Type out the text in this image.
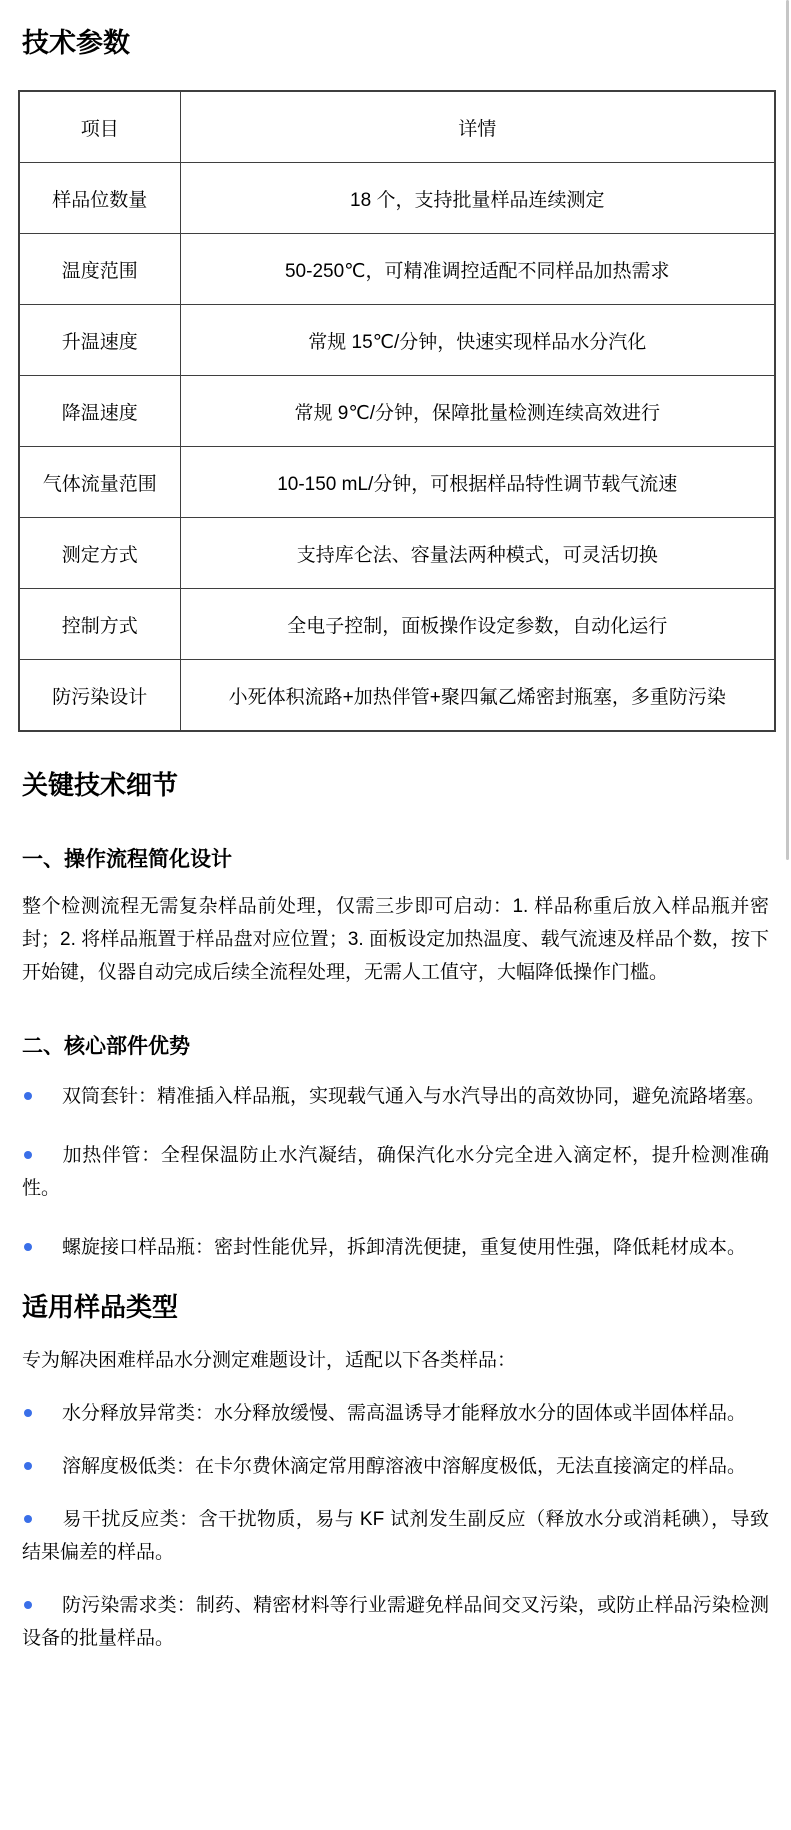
技术参数
项目	详情
样品位数量	18 个，支持批量样品连续测定
温度范围	50-250℃，可精准调控适配不同样品加热需求
升温速度	常规 15℃/分钟，快速实现样品水分汽化
降温速度	常规 9℃/分钟，保障批量检测连续高效进行
气体流量范围	10-150 mL/分钟，可根据样品特性调节载气流速
测定方式	支持库仑法、容量法两种模式，可灵活切换
控制方式	全电子控制，面板操作设定参数，自动化运行
防污染设计	小死体积流路+加热伴管+聚四氟乙烯密封瓶塞，多重防污染
关键技术细节
一、操作流程简化设计

整个检测流程无需复杂样品前处理，仅需三步即可启动：1. 样品称重后放入样品瓶并密封；2. 将样品瓶置于样品盘对应位置；3. 面板设定加热温度、载气流速及样品个数，按下开始键，仪器自动完成后续全流程处理，无需人工值守，大幅降低操作门槛。

二、核心部件优势

双筒套针：精准插入样品瓶，实现载气通入与水汽导出的高效协同，避免流路堵塞。

加热伴管：全程保温防止水汽凝结，确保汽化水分完全进入滴定杯，提升检测准确性。

螺旋接口样品瓶：密封性能优异，拆卸清洗便捷，重复使用性强，降低耗材成本。

适用样品类型

专为解决困难样品水分测定难题设计，适配以下各类样品：

水分释放异常类：水分释放缓慢、需高温诱导才能释放水分的固体或半固体样品。

溶解度极低类：在卡尔费休滴定常用醇溶液中溶解度极低，无法直接滴定的样品。

易干扰反应类：含干扰物质，易与 KF 试剂发生副反应（释放水分或消耗碘），导致结果偏差的样品。

防污染需求类：制药、精密材料等行业需避免样品间交叉污染，或防止样品污染检测设备的批量样品。
